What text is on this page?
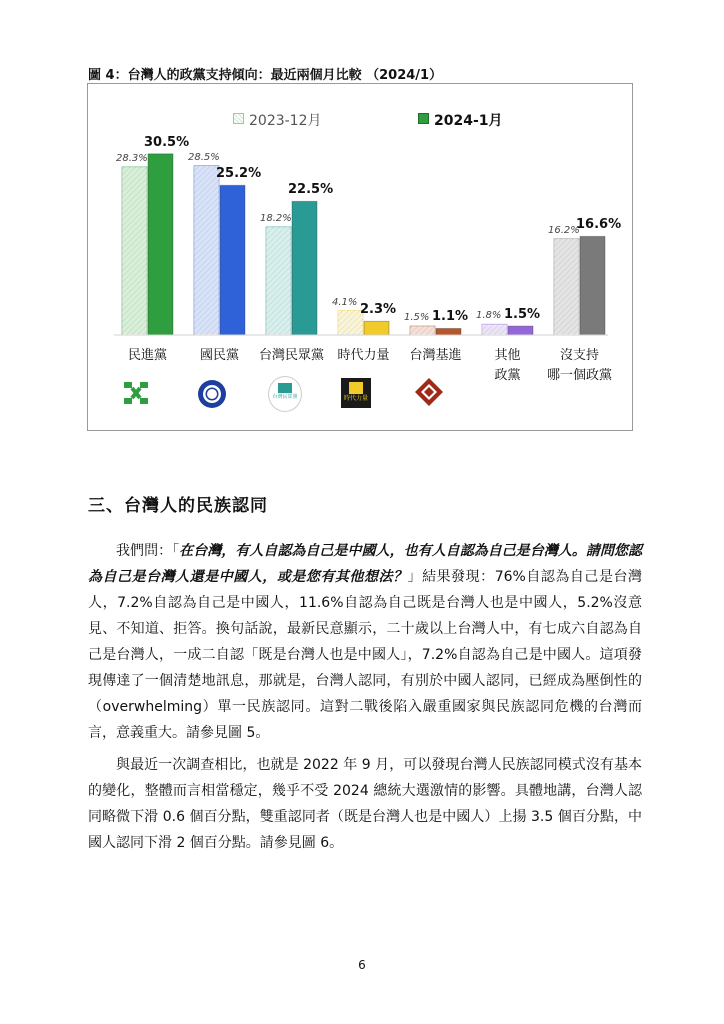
圖 4：台灣人的政黨支持傾向：最近兩個月比較 （2024/1）
2023-12月	2024-1月
28.3%
30.5%
民進黨
28.5%
25.2%
國民黨
18.2%
22.5%
台灣民眾黨
4.1%
2.3%
時代力量
1.5% 1.1%
台灣基進
1.8% 1.5%
其他
政黨
16.2%
16.6%
沒支持
哪一個政黨
台灣民眾黨	時代力量
三、台灣人的民族認同

我們問：「在台灣，有人自認為自己是中國人，也有人自認為自己是台灣人。請問您認為自己是台灣人還是中國人，或是您有其他想法？」結果發現：76%自認為自己是台灣人，7.2%自認為自己是中國人，11.6%自認為自己既是台灣人也是中國人，5.2%沒意見、不知道、拒答。換句話說，最新民意顯示，二十歲以上台灣人中，有七成六自認為自己是台灣人，一成二自認「既是台灣人也是中國人」，7.2%自認為自己是中國人。這項發現傳達了一個清楚地訊息，那就是，台灣人認同，有別於中國人認同，已經成為壓倒性的（overwhelming）單一民族認同。這對二戰後陷入嚴重國家與民族認同危機的台灣而言，意義重大。請參見圖 5。

與最近一次調查相比，也就是 2022 年 9 月，可以發現台灣人民族認同模式沒有基本的變化，整體而言相當穩定，幾乎不受 2024 總統大選激情的影響。具體地講，台灣人認同略微下滑 0.6 個百分點，雙重認同者（既是台灣人也是中國人）上揚 3.5 個百分點，中國人認同下滑 2 個百分點。請參見圖 6。

6
